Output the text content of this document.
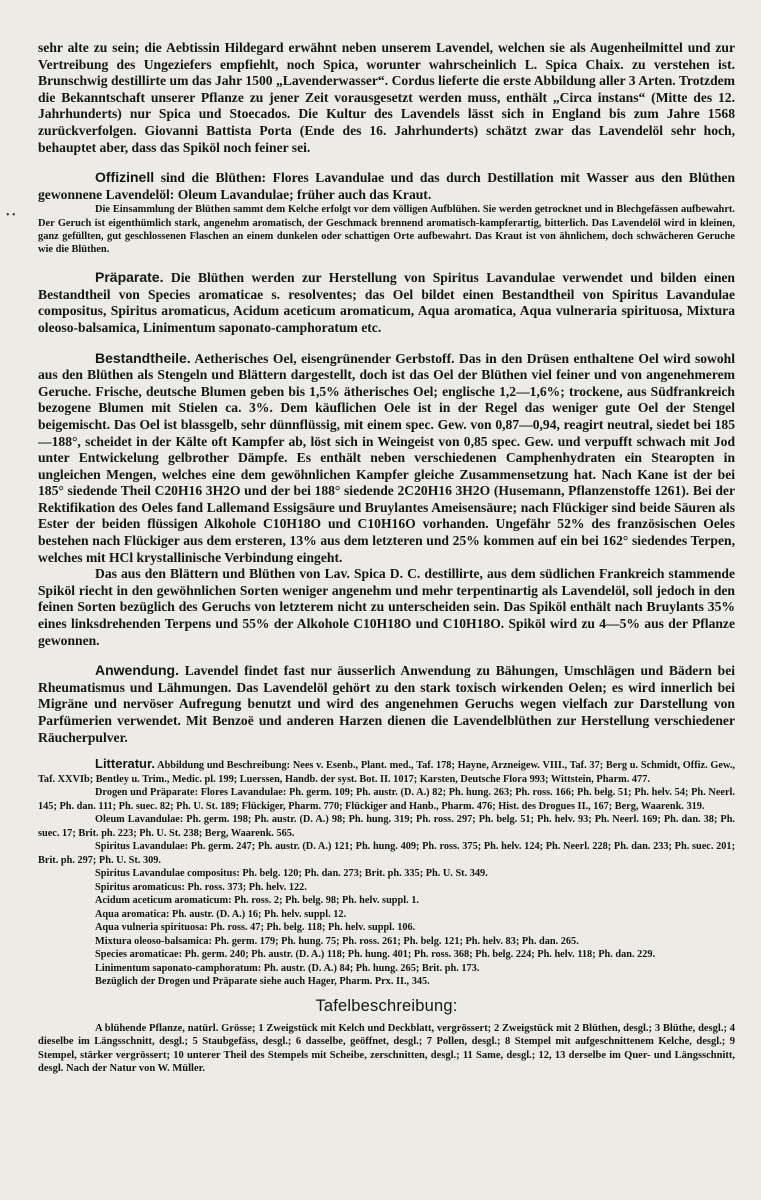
• •

sehr alte zu sein; die Aebtissin Hildegard erwähnt neben unserem Lavendel, welchen sie als Augenheilmittel und zur Vertreibung des Ungeziefers empfiehlt, noch Spica, worunter wahrscheinlich L. Spica Chaix. zu verstehen ist. Brunschwig destillirte um das Jahr 1500 „Lavenderwasser“. Cordus lieferte die erste Abbildung aller 3 Arten. Trotzdem die Bekanntschaft unserer Pflanze zu jener Zeit vorausgesetzt werden muss, enthält „Circa instans“ (Mitte des 12. Jahrhunderts) nur Spica und Stoecados. Die Kultur des Lavendels lässt sich in England bis zum Jahre 1568 zurückverfolgen. Giovanni Battista Porta (Ende des 16. Jahrhunderts) schätzt zwar das Lavendelöl sehr hoch, behauptet aber, dass das Spiköl noch feiner sei.

Offizinell sind die Blüthen: Flores Lavandulae und das durch Destillation mit Wasser aus den Blüthen gewonnene Lavendelöl: Oleum Lavandulae; früher auch das Kraut.

Die Einsammlung der Blüthen sammt dem Kelche erfolgt vor dem völligen Aufblühen. Sie werden getrocknet und in Blechgefässen aufbewahrt. Der Geruch ist eigenthümlich stark, angenehm aromatisch, der Geschmack brennend aromatisch-kampferartig, bitterlich. Das Lavendelöl wird in kleinen, ganz gefüllten, gut geschlossenen Flaschen an einem dunkelen oder schattigen Orte aufbewahrt. Das Kraut ist von ähnlichem, doch schwächeren Geruche wie die Blüthen.

Präparate. Die Blüthen werden zur Herstellung von Spiritus Lavandulae verwendet und bilden einen Bestandtheil von Species aromaticae s. resolventes; das Oel bildet einen Bestandtheil von Spiritus Lavandulae compositus, Spiritus aromaticus, Acidum aceticum aromaticum, Aqua aromatica, Aqua vulneraria spirituosa, Mixtura oleoso-balsamica, Linimentum saponato-camphoratum etc.

Bestandtheile. Aetherisches Oel, eisengrünender Gerbstoff. Das in den Drüsen enthaltene Oel wird sowohl aus den Blüthen als Stengeln und Blättern dargestellt, doch ist das Oel der Blüthen viel feiner und von angenehmerem Geruche. Frische, deutsche Blumen geben bis 1,5% ätherisches Oel; englische 1,2—1,6%; trockene, aus Südfrankreich bezogene Blumen mit Stielen ca. 3%. Dem käuflichen Oele ist in der Regel das weniger gute Oel der Stengel beigemischt. Das Oel ist blassgelb, sehr dünnflüssig, mit einem spec. Gew. von 0,87—0,94, reagirt neutral, siedet bei 185—188°, scheidet in der Kälte oft Kampfer ab, löst sich in Weingeist von 0,85 spec. Gew. und verpufft schwach mit Jod unter Entwickelung gelbrother Dämpfe. Es enthält neben verschiedenen Camphenhydraten ein Stearopten in ungleichen Mengen, welches eine dem gewöhnlichen Kampfer gleiche Zusammensetzung hat. Nach Kane ist der bei 185° siedende Theil C20H16 3H2O und der bei 188° siedende 2C20H16 3H2O (Husemann, Pflanzenstoffe 1261). Bei der Rektifikation des Oeles fand Lallemand Essigsäure und Bruylantes Ameisensäure; nach Flückiger sind beide Säuren als Ester der beiden flüssigen Alkohole C10H18O und C10H16O vorhanden. Ungefähr 52% des französischen Oeles bestehen nach Flückiger aus dem ersteren, 13% aus dem letzteren und 25% kommen auf ein bei 162° siedendes Terpen, welches mit HCl krystallinische Verbindung eingeht.

Das aus den Blättern und Blüthen von Lav. Spica D. C. destillirte, aus dem südlichen Frankreich stammende Spiköl riecht in den gewöhnlichen Sorten weniger angenehm und mehr terpentinartig als Lavendelöl, soll jedoch in den feinen Sorten bezüglich des Geruchs von letzterem nicht zu unterscheiden sein. Das Spiköl enthält nach Bruylants 35% eines linksdrehenden Terpens und 55% der Alkohole C10H18O und C10H18O. Spiköl wird zu 4—5% aus der Pflanze gewonnen.

Anwendung. Lavendel findet fast nur äusserlich Anwendung zu Bähungen, Umschlägen und Bädern bei Rheumatismus und Lähmungen. Das Lavendelöl gehört zu den stark toxisch wirkenden Oelen; es wird innerlich bei Migräne und nervöser Aufregung benutzt und wird des angenehmen Geruchs wegen vielfach zur Darstellung von Parfümerien verwendet. Mit Benzoë und anderen Harzen dienen die Lavendelblüthen zur Herstellung verschiedener Räucherpulver.

Litteratur. Abbildung und Beschreibung: Nees v. Esenb., Plant. med., Taf. 178; Hayne, Arzneigew. VIII., Taf. 37; Berg u. Schmidt, Offiz. Gew., Taf. XXVIb; Bentley u. Trim., Medic. pl. 199; Luerssen, Handb. der syst. Bot. II. 1017; Karsten, Deutsche Flora 993; Wittstein, Pharm. 477.

Drogen und Präparate: Flores Lavandulae: Ph. germ. 109; Ph. austr. (D. A.) 82; Ph. hung. 263; Ph. ross. 166; Ph. belg. 51; Ph. helv. 54; Ph. Neerl. 145; Ph. dan. 111; Ph. suec. 82; Ph. U. St. 189; Flückiger, Pharm. 770; Flückiger and Hanb., Pharm. 476; Hist. des Drogues II., 167; Berg, Waarenk. 319.

Oleum Lavandulae: Ph. germ. 198; Ph. austr. (D. A.) 98; Ph. hung. 319; Ph. ross. 297; Ph. belg. 51; Ph. helv. 93; Ph. Neerl. 169; Ph. dan. 38; Ph. suec. 17; Brit. ph. 223; Ph. U. St. 238; Berg, Waarenk. 565.

Spiritus Lavandulae: Ph. germ. 247; Ph. austr. (D. A.) 121; Ph. hung. 409; Ph. ross. 375; Ph. helv. 124; Ph. Neerl. 228; Ph. dan. 233; Ph. suec. 201; Brit. ph. 297; Ph. U. St. 309.

Spiritus Lavandulae compositus: Ph. belg. 120; Ph. dan. 273; Brit. ph. 335; Ph. U. St. 349.

Spiritus aromaticus: Ph. ross. 373; Ph. helv. 122.

Acidum aceticum aromaticum: Ph. ross. 2; Ph. belg. 98; Ph. helv. suppl. 1.

Aqua aromatica: Ph. austr. (D. A.) 16; Ph. helv. suppl. 12.

Aqua vulneria spirituosa: Ph. ross. 47; Ph. belg. 118; Ph. helv. suppl. 106.

Mixtura oleoso-balsamica: Ph. germ. 179; Ph. hung. 75; Ph. ross. 261; Ph. belg. 121; Ph. helv. 83; Ph. dan. 265.

Species aromaticae: Ph. germ. 240; Ph. austr. (D. A.) 118; Ph. hung. 401; Ph. ross. 368; Ph. belg. 224; Ph. helv. 118; Ph. dan. 229.

Linimentum saponato-camphoratum: Ph. austr. (D. A.) 84; Ph. hung. 265; Brit. ph. 173.

Bezüglich der Drogen und Präparate siehe auch Hager, Pharm. Prx. II., 345.

Tafelbeschreibung:

A blühende Pflanze, natürl. Grösse; 1 Zweigstück mit Kelch und Deckblatt, vergrössert; 2 Zweigstück mit 2 Blüthen, desgl.; 3 Blüthe, desgl.; 4 dieselbe im Längsschnitt, desgl.; 5 Staubgefäss, desgl.; 6 dasselbe, geöffnet, desgl.; 7 Pollen, desgl.; 8 Stempel mit aufgeschnittenem Kelche, desgl.; 9 Stempel, stärker vergrössert; 10 unterer Theil des Stempels mit Scheibe, zerschnitten, desgl.; 11 Same, desgl.; 12, 13 derselbe im Quer- und Längsschnitt, desgl. Nach der Natur von W. Müller.
